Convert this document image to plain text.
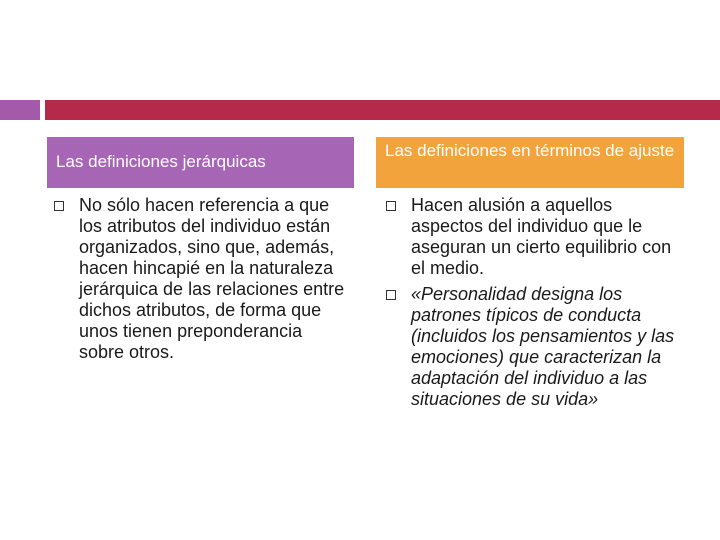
Las definiciones jerárquicas
Las definiciones en términos de ajuste
No sólo hacen referencia a que los atributos del individuo están organizados, sino que, además, hacen hincapié en la naturaleza jerárquica de las relaciones entre dichos atributos, de forma que unos tienen preponderancia sobre otros.
Hacen alusión a aquellos aspectos del individuo que le aseguran un cierto equilibrio con el medio.
«Personalidad designa los patrones típicos de conducta (incluidos los pensamientos y las emociones) que caracterizan la adaptación del individuo a las situaciones de su vida»
